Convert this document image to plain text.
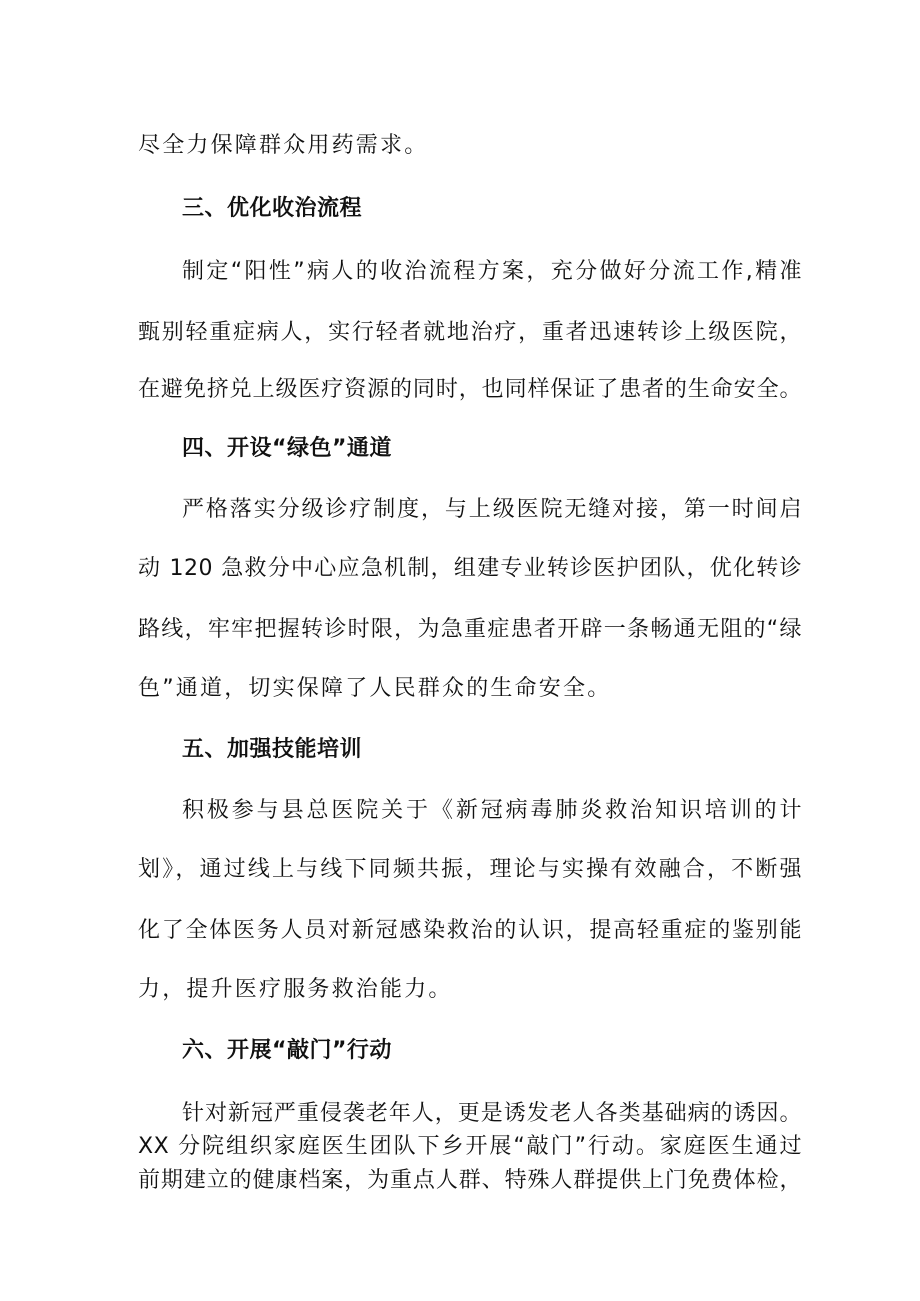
尽全力保障群众用药需求。
三、优化收治流程
制定“阳性”病人的收治流程方案，充分做好分流工作,精准
甄别轻重症病人，实行轻者就地治疗，重者迅速转诊上级医院，
在避免挤兑上级医疗资源的同时，也同样保证了患者的生命安全。
四、开设“绿色”通道
严格落实分级诊疗制度，与上级医院无缝对接，第一时间启
动 120 急救分中心应急机制，组建专业转诊医护团队，优化转诊
路线，牢牢把握转诊时限，为急重症患者开辟一条畅通无阻的“绿
色”通道，切实保障了人民群众的生命安全。
五、加强技能培训
积极参与县总医院关于《新冠病毒肺炎救治知识培训的计
划》，通过线上与线下同频共振，理论与实操有效融合，不断强
化了全体医务人员对新冠感染救治的认识，提高轻重症的鉴别能
力，提升医疗服务救治能力。
六、开展“敲门”行动
针对新冠严重侵袭老年人，更是诱发老人各类基础病的诱因。
XX 分院组织家庭医生团队下乡开展“敲门”行动。家庭医生通过
前期建立的健康档案，为重点人群、特殊人群提供上门免费体检，
